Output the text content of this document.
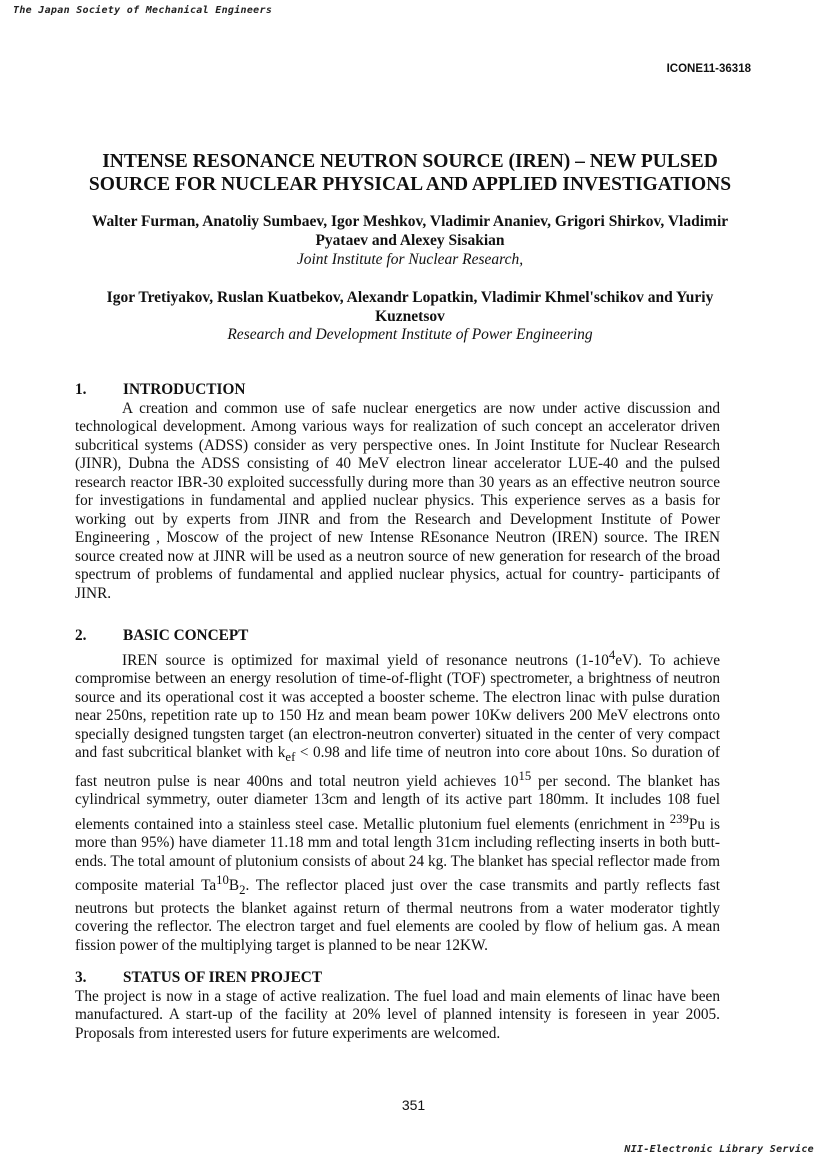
The Japan Society of Mechanical Engineers
ICONE11-36318
INTENSE RESONANCE NEUTRON SOURCE (IREN) – NEW PULSED SOURCE FOR NUCLEAR PHYSICAL AND APPLIED INVESTIGATIONS
Walter Furman, Anatoliy Sumbaev, Igor Meshkov, Vladimir Ananiev, Grigori Shirkov, Vladimir Pyataev and Alexey Sisakian
Joint Institute for Nuclear Research,
Igor Tretiyakov, Ruslan Kuatbekov, Alexandr Lopatkin, Vladimir Khmel'schikov and Yuriy Kuznetsov
Research and Development Institute of Power Engineering
1.	INTRODUCTION

A creation and common use of safe nuclear energetics are now under active discussion and technological development. Among various ways for realization of such concept an accelerator driven subcritical systems (ADSS) consider as very perspective ones. In Joint Institute for Nuclear Research (JINR), Dubna the ADSS consisting of 40 MeV electron linear accelerator LUE-40 and the pulsed research reactor IBR-30 exploited successfully during more than 30 years as an effective neutron source for investigations in fundamental and applied nuclear physics. This experience serves as a basis for working out by experts from JINR and from the Research and Development Institute of Power Engineering , Moscow of the project of new Intense REsonance Neutron (IREN) source. The IREN source created now at JINR will be used as a neutron source of new generation for research of the broad spectrum of problems of fundamental and applied nuclear physics, actual for country- participants of JINR.

2.	BASIC CONCEPT

IREN source is optimized for maximal yield of resonance neutrons $(1-10^4eV)$. To achieve compromise between an energy resolution of time-of-flight (TOF) spectrometer, a brightness of neutron source and its operational cost it was accepted a booster scheme. The electron linac with pulse duration near 250ns, repetition rate up to 150 Hz and mean beam power 10Kw delivers 200 MeV electrons onto specially designed tungsten target (an electron-neutron converter) situated in the center of very compact and fast subcritical blanket with $k_{ef} < 0.98$ and life time of neutron into core about 10ns. So duration of fast neutron pulse is near 400ns and total neutron yield achieves $10^{15}$ per second. The blanket has cylindrical symmetry, outer diameter 13cm and length of its active part 180mm. It includes 108 fuel elements contained into a stainless steel case. Metallic plutonium fuel elements (enrichment in $^{239}$Pu is more than 95%) have diameter 11.18 mm and total length 31cm including reflecting inserts in both butt-ends. The total amount of plutonium consists of about 24 kg. The blanket has special reflector made from composite material $Ta^{10}B_2$. The reflector placed just over the case transmits and partly reflects fast neutrons but protects the blanket against return of thermal neutrons from a water moderator tightly covering the reflector. The electron target and fuel elements are cooled by flow of helium gas. A mean fission power of the multiplying target is planned to be near 12KW.

3.	STATUS OF IREN PROJECT

The project is now in a stage of active realization. The fuel load and main elements of linac have been manufactured. A start-up of the facility at 20% level of planned intensity is foreseen in year 2005. Proposals from interested users for future experiments are welcomed.

351
NII-Electronic Library Service
